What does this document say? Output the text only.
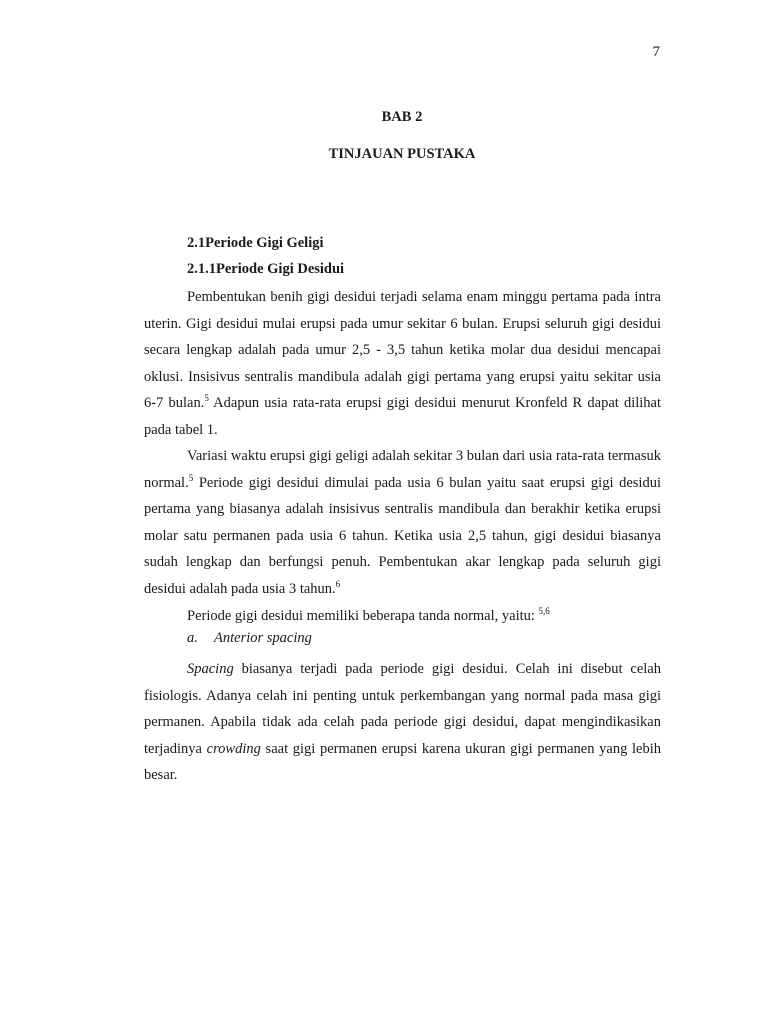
7
BAB 2
TINJAUAN PUSTAKA
2.1Periode Gigi Geligi
2.1.1Periode Gigi Desidui

Pembentukan benih gigi desidui terjadi selama enam minggu pertama pada intra uterin. Gigi desidui mulai erupsi pada umur sekitar 6 bulan. Erupsi seluruh gigi desidui secara lengkap adalah pada umur 2,5 - 3,5 tahun ketika molar dua desidui mencapai oklusi. Insisivus sentralis mandibula adalah gigi pertama yang erupsi yaitu sekitar usia 6-7 bulan.$^5$ Adapun usia rata-rata erupsi gigi desidui menurut Kronfeld R dapat dilihat pada tabel 1.

Variasi waktu erupsi gigi geligi adalah sekitar 3 bulan dari usia rata-rata termasuk normal.$^5$ Periode gigi desidui dimulai pada usia 6 bulan yaitu saat erupsi gigi desidui pertama yang biasanya adalah insisivus sentralis mandibula dan berakhir ketika erupsi molar satu permanen pada usia 6 tahun. Ketika usia 2,5 tahun, gigi desidui biasanya sudah lengkap dan berfungsi penuh. Pembentukan akar lengkap pada seluruh gigi desidui adalah pada usia 3 tahun.$^6$

Periode gigi desidui memiliki beberapa tanda normal, yaitu: $^{5,6}$

a. Anterior spacing

Spacing biasanya terjadi pada periode gigi desidui. Celah ini disebut celah fisiologis. Adanya celah ini penting untuk perkembangan yang normal pada masa gigi permanen. Apabila tidak ada celah pada periode gigi desidui, dapat mengindikasikan terjadinya crowding saat gigi permanen erupsi karena ukuran gigi permanen yang lebih besar.
